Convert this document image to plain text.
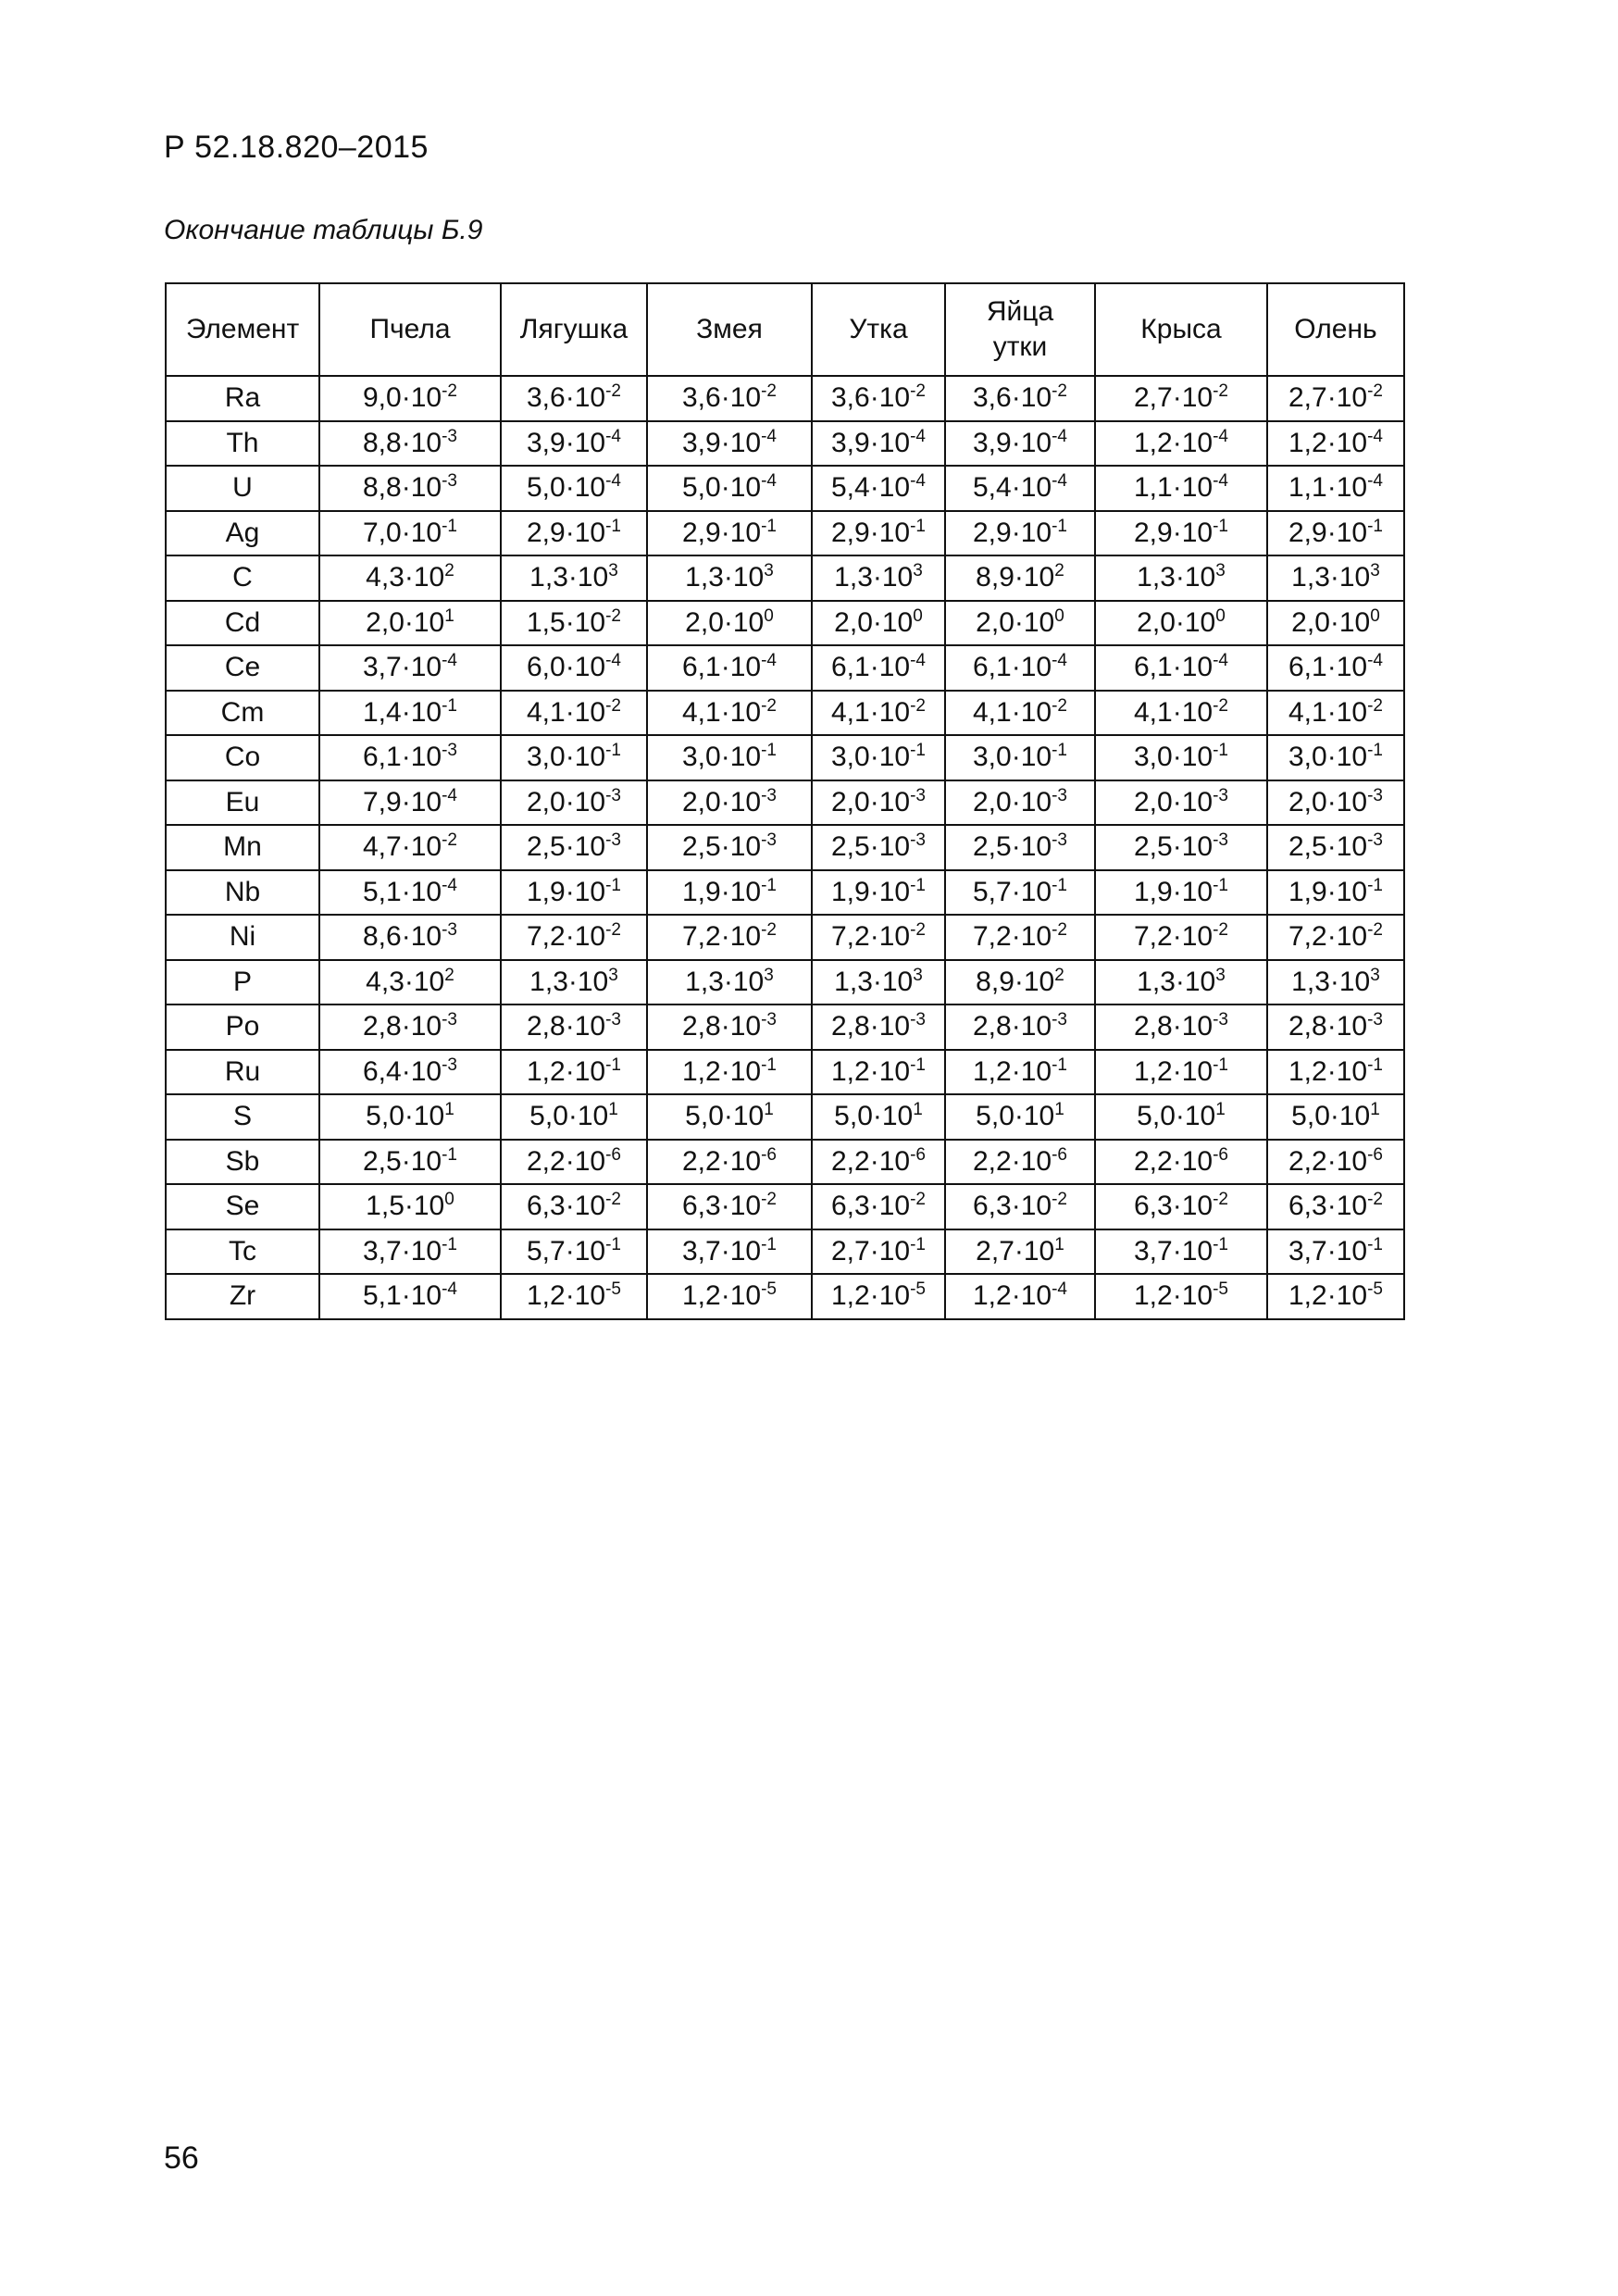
Р 52.18.820–2015
Окончание таблицы Б.9
Элемент	Пчела	Лягушка	Змея	Утка	Яйца утки	Крыса	Олень
Ra	$9,0\cdot 10^{-2}$	$3,6\cdot 10^{-2}$	$3,6\cdot 10^{-2}$	$3,6\cdot 10^{-2}$	$3,6\cdot 10^{-2}$	$2,7\cdot 10^{-2}$	$2,7\cdot 10^{-2}$
Th	$8,8\cdot 10^{-3}$	$3,9\cdot 10^{-4}$	$3,9\cdot 10^{-4}$	$3,9\cdot 10^{-4}$	$3,9\cdot 10^{-4}$	$1,2\cdot 10^{-4}$	$1,2\cdot 10^{-4}$
U	$8,8\cdot 10^{-3}$	$5,0\cdot 10^{-4}$	$5,0\cdot 10^{-4}$	$5,4\cdot 10^{-4}$	$5,4\cdot 10^{-4}$	$1,1\cdot 10^{-4}$	$1,1\cdot 10^{-4}$
Ag	$7,0\cdot 10^{-1}$	$2,9\cdot 10^{-1}$	$2,9\cdot 10^{-1}$	$2,9\cdot 10^{-1}$	$2,9\cdot 10^{-1}$	$2,9\cdot 10^{-1}$	$2,9\cdot 10^{-1}$
C	$4,3\cdot 10^2$	$1,3\cdot 10^3$	$1,3\cdot 10^3$	$1,3\cdot 10^3$	$8,9\cdot 10^2$	$1,3\cdot 10^3$	$1,3\cdot 10^3$
Cd	$2,0\cdot 10^1$	$1,5\cdot 10^{-2}$	$2,0\cdot 10^0$	$2,0\cdot 10^0$	$2,0\cdot 10^0$	$2,0\cdot 10^0$	$2,0\cdot 10^0$
Ce	$3,7\cdot 10^{-4}$	$6,0\cdot 10^{-4}$	$6,1\cdot 10^{-4}$	$6,1\cdot 10^{-4}$	$6,1\cdot 10^{-4}$	$6,1\cdot 10^{-4}$	$6,1\cdot 10^{-4}$
Cm	$1,4\cdot 10^{-1}$	$4,1\cdot 10^{-2}$	$4,1\cdot 10^{-2}$	$4,1\cdot 10^{-2}$	$4,1\cdot 10^{-2}$	$4,1\cdot 10^{-2}$	$4,1\cdot 10^{-2}$
Co	$6,1\cdot 10^{-3}$	$3,0\cdot 10^{-1}$	$3,0\cdot 10^{-1}$	$3,0\cdot 10^{-1}$	$3,0\cdot 10^{-1}$	$3,0\cdot 10^{-1}$	$3,0\cdot 10^{-1}$
Eu	$7,9\cdot 10^{-4}$	$2,0\cdot 10^{-3}$	$2,0\cdot 10^{-3}$	$2,0\cdot 10^{-3}$	$2,0\cdot 10^{-3}$	$2,0\cdot 10^{-3}$	$2,0\cdot 10^{-3}$
Mn	$4,7\cdot 10^{-2}$	$2,5\cdot 10^{-3}$	$2,5\cdot 10^{-3}$	$2,5\cdot 10^{-3}$	$2,5\cdot 10^{-3}$	$2,5\cdot 10^{-3}$	$2,5\cdot 10^{-3}$
Nb	$5,1\cdot 10^{-4}$	$1,9\cdot 10^{-1}$	$1,9\cdot 10^{-1}$	$1,9\cdot 10^{-1}$	$5,7\cdot 10^{-1}$	$1,9\cdot 10^{-1}$	$1,9\cdot 10^{-1}$
Ni	$8,6\cdot 10^{-3}$	$7,2\cdot 10^{-2}$	$7,2\cdot 10^{-2}$	$7,2\cdot 10^{-2}$	$7,2\cdot 10^{-2}$	$7,2\cdot 10^{-2}$	$7,2\cdot 10^{-2}$
P	$4,3\cdot 10^2$	$1,3\cdot 10^3$	$1,3\cdot 10^3$	$1,3\cdot 10^3$	$8,9\cdot 10^2$	$1,3\cdot 10^3$	$1,3\cdot 10^3$
Po	$2,8\cdot 10^{-3}$	$2,8\cdot 10^{-3}$	$2,8\cdot 10^{-3}$	$2,8\cdot 10^{-3}$	$2,8\cdot 10^{-3}$	$2,8\cdot 10^{-3}$	$2,8\cdot 10^{-3}$
Ru	$6,4\cdot 10^{-3}$	$1,2\cdot 10^{-1}$	$1,2\cdot 10^{-1}$	$1,2\cdot 10^{-1}$	$1,2\cdot 10^{-1}$	$1,2\cdot 10^{-1}$	$1,2\cdot 10^{-1}$
S	$5,0\cdot 10^1$	$5,0\cdot 10^1$	$5,0\cdot 10^1$	$5,0\cdot 10^1$	$5,0\cdot 10^1$	$5,0\cdot 10^1$	$5,0\cdot 10^1$
Sb	$2,5\cdot 10^{-1}$	$2,2\cdot 10^{-6}$	$2,2\cdot 10^{-6}$	$2,2\cdot 10^{-6}$	$2,2\cdot 10^{-6}$	$2,2\cdot 10^{-6}$	$2,2\cdot 10^{-6}$
Se	$1,5\cdot 10^0$	$6,3\cdot 10^{-2}$	$6,3\cdot 10^{-2}$	$6,3\cdot 10^{-2}$	$6,3\cdot 10^{-2}$	$6,3\cdot 10^{-2}$	$6,3\cdot 10^{-2}$
Tc	$3,7\cdot 10^{-1}$	$5,7\cdot 10^{-1}$	$3,7\cdot 10^{-1}$	$2,7\cdot 10^{-1}$	$2,7\cdot 10^1$	$3,7\cdot 10^{-1}$	$3,7\cdot 10^{-1}$
Zr	$5,1\cdot 10^{-4}$	$1,2\cdot 10^{-5}$	$1,2\cdot 10^{-5}$	$1,2\cdot 10^{-5}$	$1,2\cdot 10^{-4}$	$1,2\cdot 10^{-5}$	$1,2\cdot 10^{-5}$
56
